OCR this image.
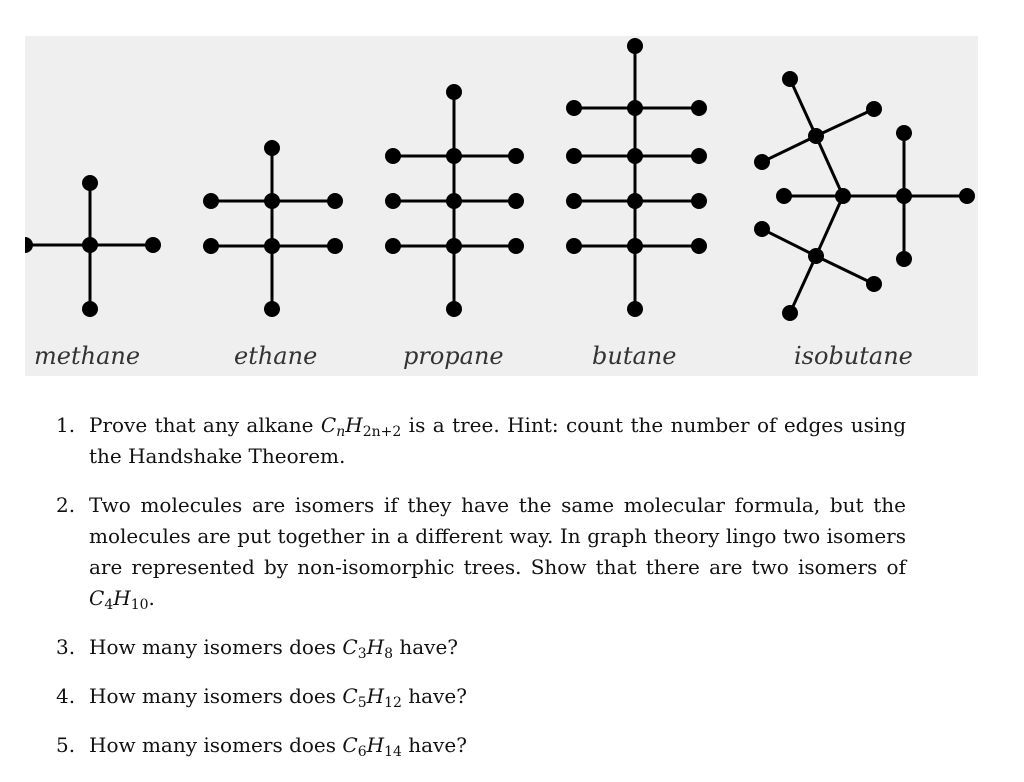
methane	ethane	propane	butane	isobutane
1. Prove that any alkane $C_nH_{2n+2}$ is a tree. Hint: count the number of edges using the Handshake Theorem.
2. Two molecules are isomers if they have the same molecular formula, but the molecules are put together in a different way. In graph theory lingo two isomers are represented by non-isomorphic trees. Show that there are two isomers of $C_4H_{10}$.
3. How many isomers does $C_3H_8$ have?
4. How many isomers does $C_5H_{12}$ have?
5. How many isomers does $C_6H_{14}$ have?
